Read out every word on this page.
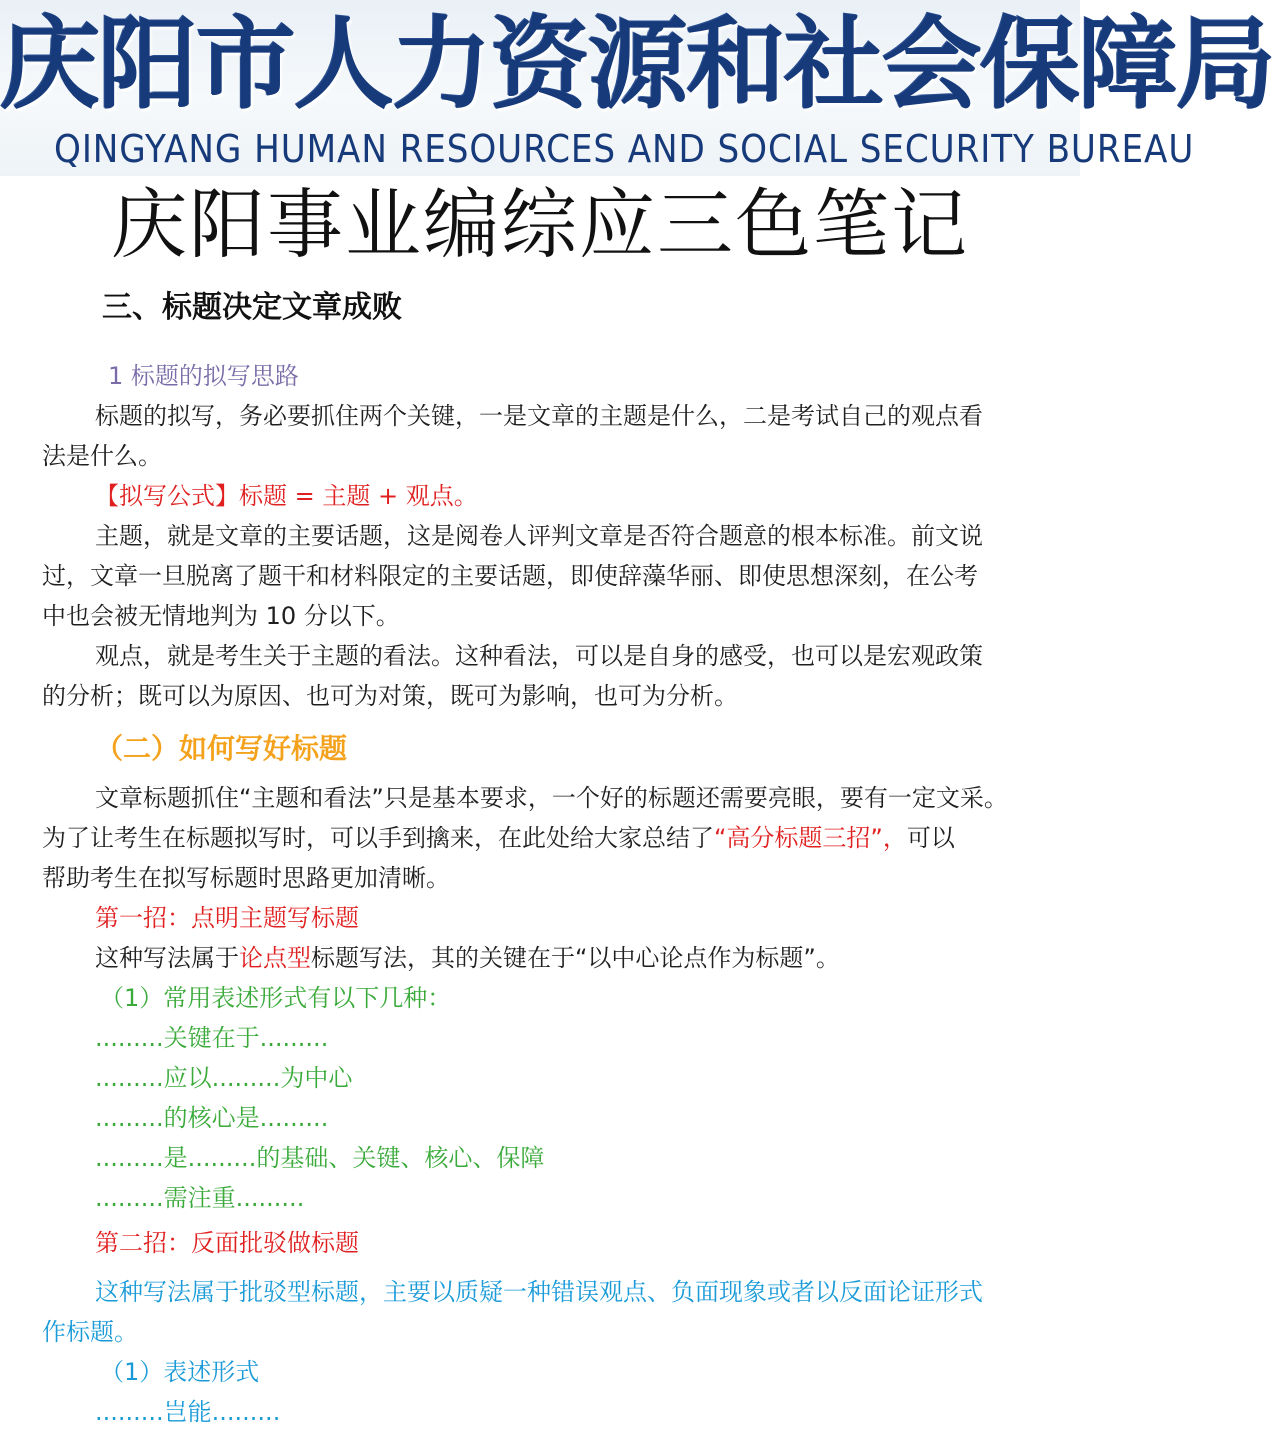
庆阳市人力资源和社会保障局
QINGYANG HUMAN RESOURCES AND SOCIAL SECURITY BUREAU
庆阳事业编综应三色笔记
三、标题决定文章成败
1 标题的拟写思路
标题的拟写，务必要抓住两个关键，一是文章的主题是什么，二是考试自己的观点看
法是什么。
【拟写公式】标题 = 主题 + 观点。
主题，就是文章的主要话题，这是阅卷人评判文章是否符合题意的根本标准。前文说
过，文章一旦脱离了题干和材料限定的主要话题，即使辞藻华丽、即使思想深刻，在公考
中也会被无情地判为 10 分以下。
观点，就是考生关于主题的看法。这种看法，可以是自身的感受，也可以是宏观政策
的分析；既可以为原因、也可为对策，既可为影响，也可为分析。
（二）如何写好标题
文章标题抓住“主题和看法”只是基本要求，一个好的标题还需要亮眼，要有一定文采。
为了让考生在标题拟写时，可以手到擒来，在此处给大家总结了“高分标题三招”，可以
帮助考生在拟写标题时思路更加清晰。
第一招：点明主题写标题
这种写法属于论点型标题写法，其的关键在于“以中心论点作为标题”。
（1）常用表述形式有以下几种：
.........关键在于.........
.........应以.........为中心
.........的核心是.........
.........是.........的基础、关键、核心、保障
.........需注重.........
第二招：反面批驳做标题
这种写法属于批驳型标题，主要以质疑一种错误观点、负面现象或者以反面论证形式
作标题。
（1）表述形式
.........岂能.........
